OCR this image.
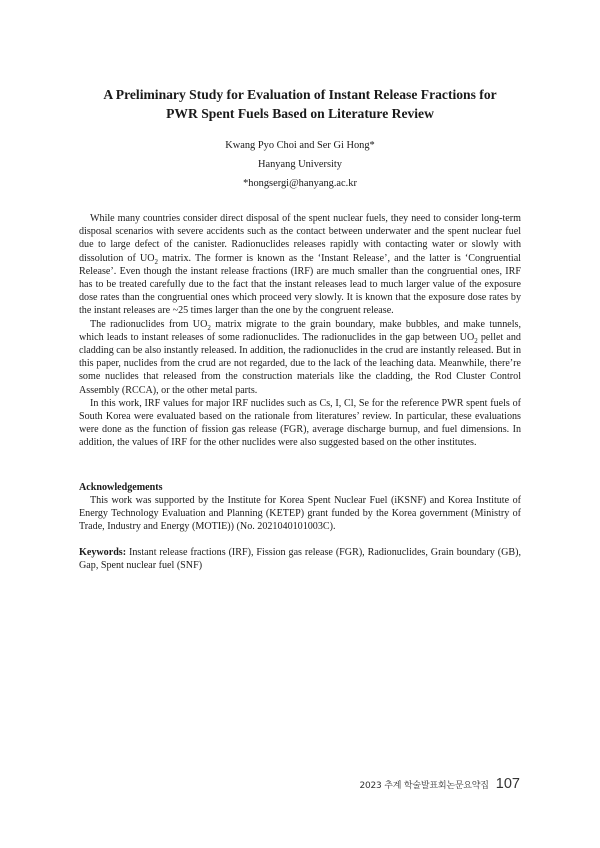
A Preliminary Study for Evaluation of Instant Release Fractions for
PWR Spent Fuels Based on Literature Review
Kwang Pyo Choi and Ser Gi Hong*
Hanyang University
*hongsergi@hanyang.ac.kr

While many countries consider direct disposal of the spent nuclear fuels, they need to consider long-term disposal scenarios with severe accidents such as the contact between underwater and the spent nuclear fuel due to large defect of the canister. Radionuclides releases rapidly with contacting water or slowly with dissolution of $UO_2$ matrix. The former is known as the ‘Instant Release’, and the latter is ‘Congruential Release’. Even though the instant release fractions (IRF) are much smaller than the congruential ones, IRF has to be treated carefully due to the fact that the instant releases lead to much larger value of the exposure dose rates than the congruential ones which proceed very slowly. It is known that the exposure dose rates by the instant releases are ~25 times larger than the one by the congruent release.

The radionuclides from $UO_2$ matrix migrate to the grain boundary, make bubbles, and make tunnels, which leads to instant releases of some radionuclides. The radionuclides in the gap between $UO_2$ pellet and cladding can be also instantly released. In addition, the radionuclides in the crud are instantly released. But in this paper, nuclides from the crud are not regarded, due to the lack of the leaching data. Meanwhile, there’re some nuclides that released from the construction materials like the cladding, the Rod Cluster Control Assembly (RCCA), or the other metal parts.

In this work, IRF values for major IRF nuclides such as Cs, I, Cl, Se for the reference PWR spent fuels of South Korea were evaluated based on the rationale from literatures’ review. In particular, these evaluations were done as the function of fission gas release (FGR), average discharge burnup, and fuel dimensions. In addition, the values of IRF for the other nuclides were also suggested based on the other institutes.

Acknowledgements

This work was supported by the Institute for Korea Spent Nuclear Fuel (iKSNF) and Korea Institute of Energy Technology Evaluation and Planning (KETEP) grant funded by the Korea government (Ministry of Trade, Industry and Energy (MOTIE)) (No. 2021040101003C).

Keywords: Instant release fractions (IRF), Fission gas release (FGR), Radionuclides, Grain boundary (GB), Gap, Spent nuclear fuel (SNF)
2023 추계 학술발표회논문요약집 107
